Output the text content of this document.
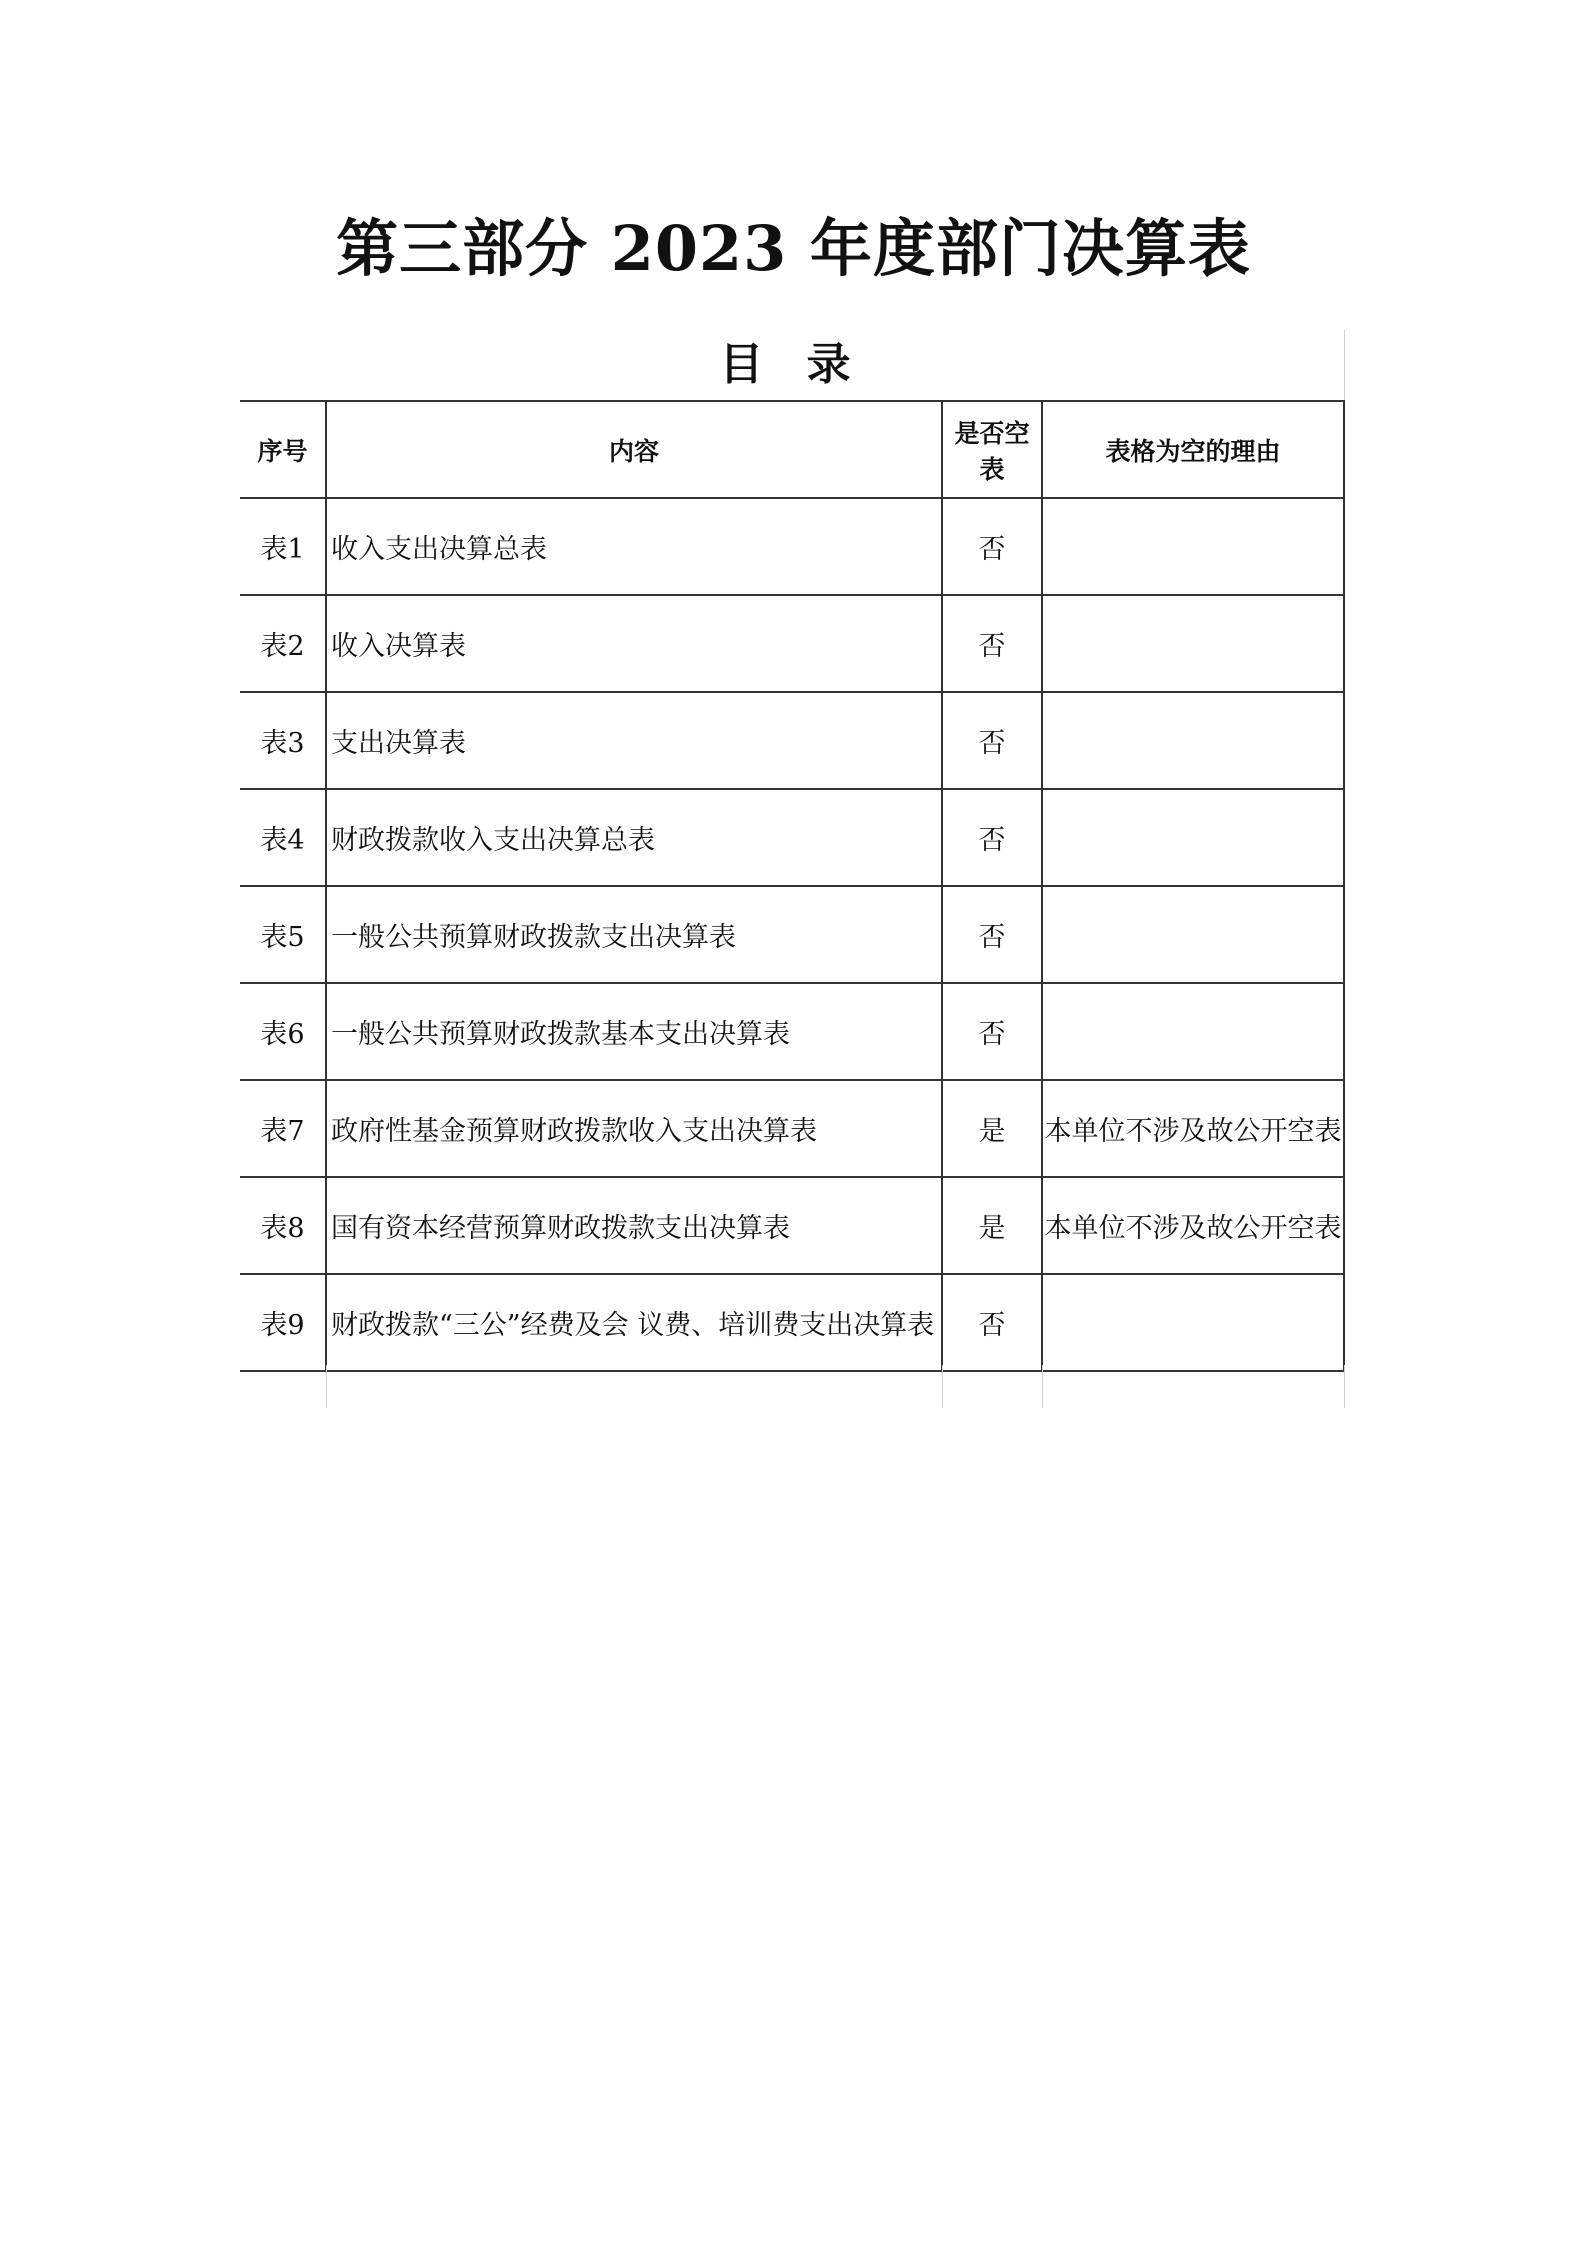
第三部分 2023 年度部门决算表
目 录
序号	内容	是否空表	表格为空的理由
表1	收入支出决算总表	否	
表2	收入决算表	否	
表3	支出决算表	否	
表4	财政拨款收入支出决算总表	否	
表5	一般公共预算财政拨款支出决算表	否	
表6	一般公共预算财政拨款基本支出决算表	否	
表7	政府性基金预算财政拨款收入支出决算表	是	本单位不涉及故公开空表
表8	国有资本经营预算财政拨款支出决算表	是	本单位不涉及故公开空表
表9	财政拨款“三公”经费及会 议费、培训费支出决算表	否	
